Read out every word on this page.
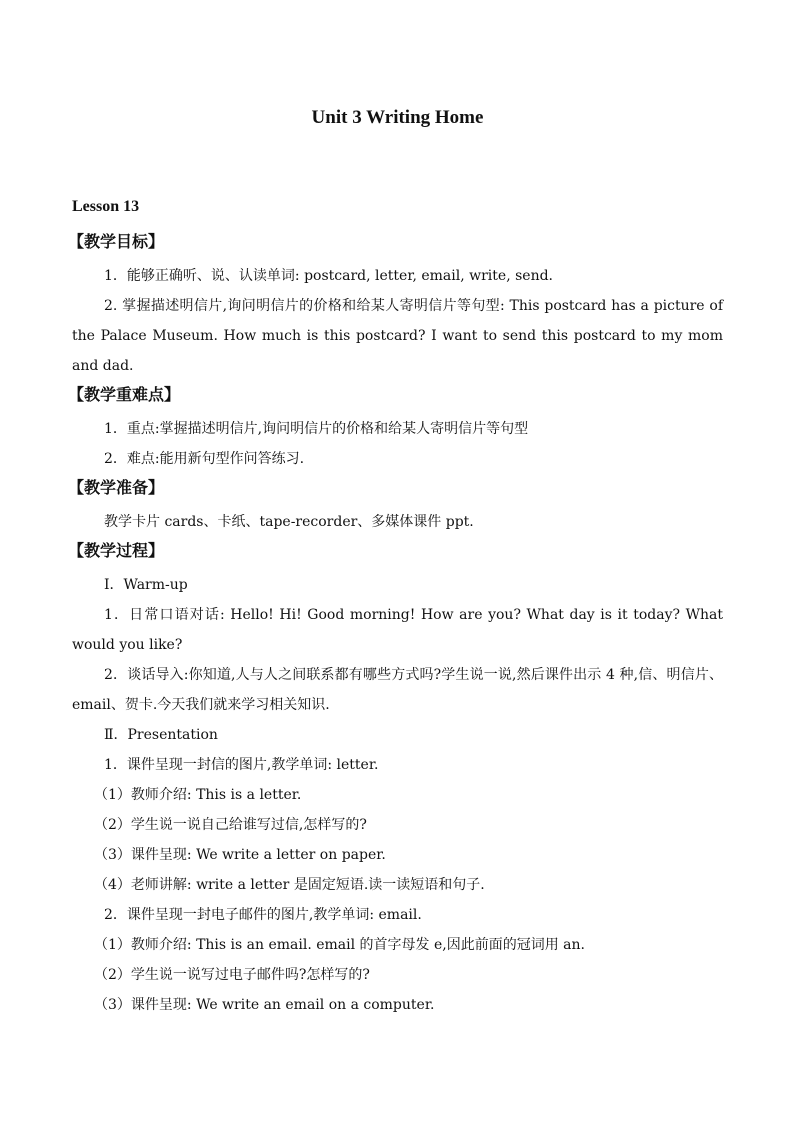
Unit 3 Writing Home
Lesson 13
【教学目标】
1．能够正确听、说、认读单词: postcard, letter, email, write, send.
2. 掌握描述明信片,询问明信片的价格和给某人寄明信片等句型: This postcard has a picture of the Palace Museum. How much is this postcard? I want to send this postcard to my mom and dad.
【教学重难点】
1．重点:掌握描述明信片,询问明信片的价格和给某人寄明信片等句型
2．难点:能用新句型作问答练习.
【教学准备】
教学卡片 cards、卡纸、tape-recorder、多媒体课件 ppt.
【教学过程】
Ⅰ．Warm-up
1．日常口语对话: Hello! Hi! Good morning! How are you? What day is it today? What would you like?
2．谈话导入:你知道,人与人之间联系都有哪些方式吗?学生说一说,然后课件出示 4 种,信、明信片、email、贺卡.今天我们就来学习相关知识.
Ⅱ．Presentation
1．课件呈现一封信的图片,教学单词: letter.
（1）教师介绍: This is a letter.
（2）学生说一说自己给谁写过信,怎样写的?
（3）课件呈现: We write a letter on paper.
（4）老师讲解: write a letter 是固定短语.读一读短语和句子.
2．课件呈现一封电子邮件的图片,教学单词: email.
（1）教师介绍: This is an email. email 的首字母发 e,因此前面的冠词用 an.
（2）学生说一说写过电子邮件吗?怎样写的?
（3）课件呈现: We write an email on a computer.
